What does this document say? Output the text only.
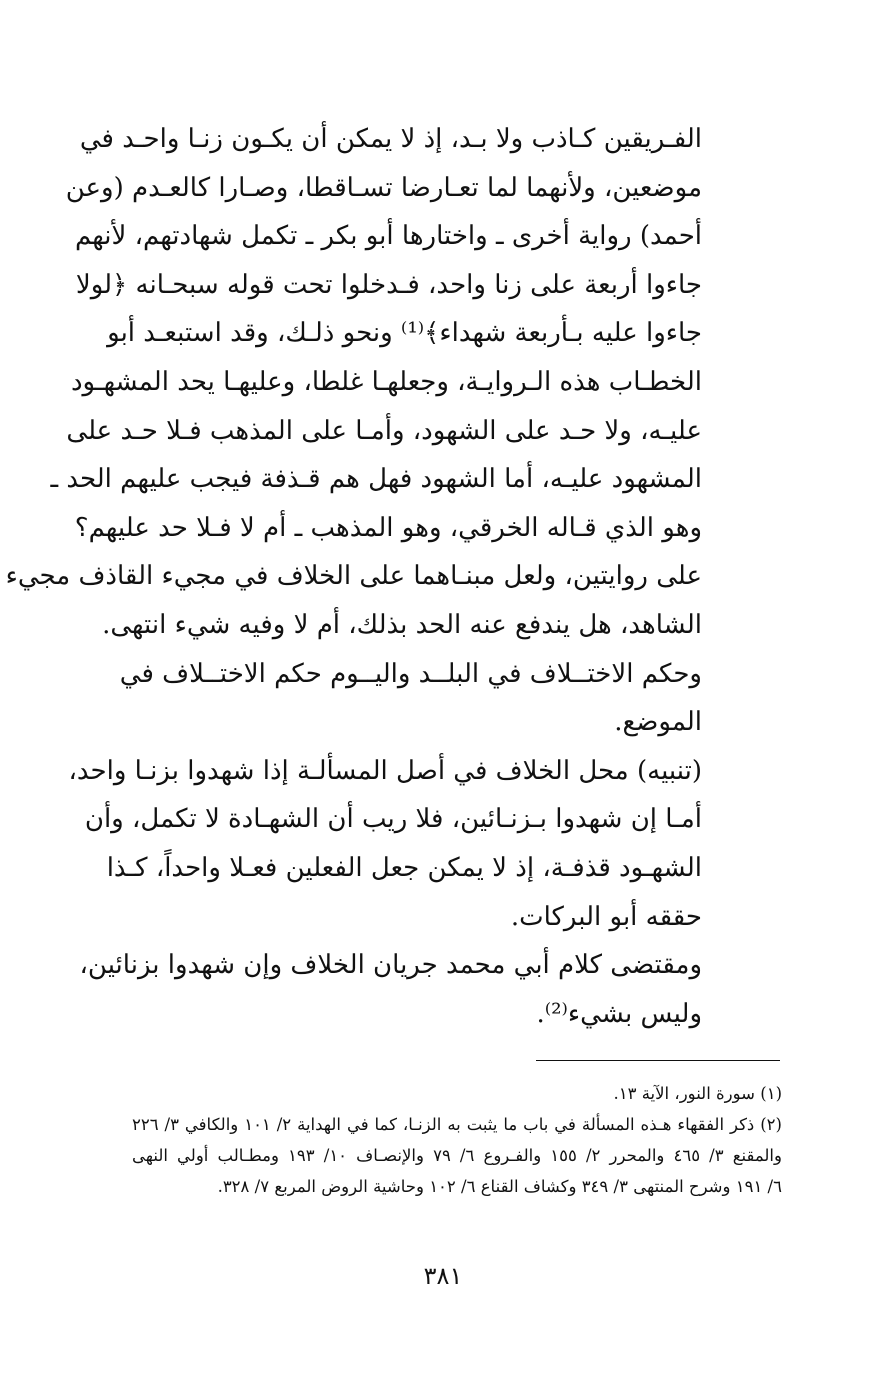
الفـريقين كـاذب ولا بـد، إذ لا يمكن أن يكـون زنـا واحـد في
موضعين، ولأنهما لما تعـارضا تسـاقطا، وصـارا كالعـدم (وعن
أحمد) رواية أخرى ـ واختارها أبو بكر ـ تكمل شهادتهم، لأنهم
جاءوا أربعة على زنا واحد، فـدخلوا تحت قوله سبحـانه ﴿لولا
جاءوا عليه بـأربعة شهداء﴾⁽¹⁾ ونحو ذلـك، وقد استبعـد أبو
الخطـاب هذه الـروايـة، وجعلهـا غلطا، وعليهـا يحد المشهـود
عليـه، ولا حـد على الشهود، وأمـا على المذهب فـلا حـد على
المشهود عليـه، أما الشهود فهل هم قـذفة فيجب عليهم الحد ـ
وهو الذي قـاله الخرقي، وهو المذهب ـ أم لا فـلا حد عليهم؟
على روايتين، ولعل مبنـاهما على الخلاف في مجيء القاذف مجيء
الشاهد، هل يندفع عنه الحد بذلك، أم لا وفيه شيء انتهى.
وحكم الاختــلاف في البلــد واليــوم حكم الاختــلاف في
الموضع.
(تنبيه) محل الخلاف في أصل المسألـة إذا شهدوا بزنـا واحد،
أمـا إن شهدوا بـزنـائين، فلا ريب أن الشهـادة لا تكمل، وأن
الشهـود قذفـة، إذ لا يمكن جعل الفعلين فعـلا واحداً، كـذا
حققه أبو البركات.
ومقتضى كلام أبي محمد جريان الخلاف وإن شهدوا بزنائين،
وليس بشيء⁽²⁾.
(١) سورة النور، الآية ١٣.
(٢) ذكر الفقهاء هـذه المسألة في باب ما يثبت به الزنـا، كما في الهداية ٢/ ١٠١ والكافي ٣/ ٢٢٦
والمقنع ٣/ ٤٦٥ والمحرر ٢/ ١٥٥ والفـروع ٦/ ٧٩ والإنصـاف ١٠/ ١٩٣ ومطـالب أولي النهى
٦/ ١٩١ وشرح المنتهى ٣/ ٣٤٩ وكشاف القناع ٦/ ١٠٢ وحاشية الروض المربع ٧/ ٣٢٨.
٣٨١
